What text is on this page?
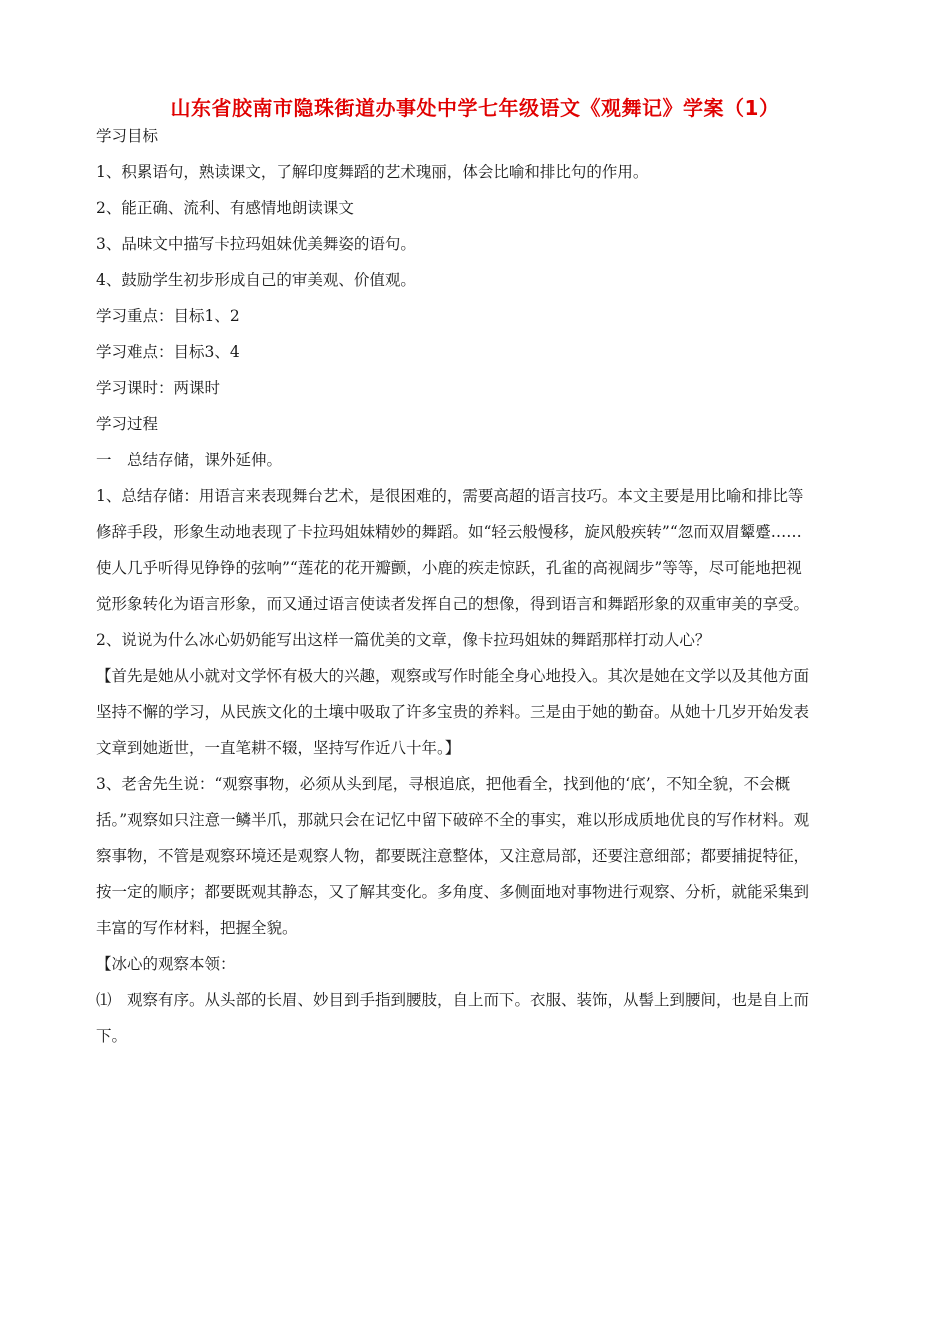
山东省胶南市隐珠街道办事处中学七年级语文《观舞记》学案（1）

学习目标

1、积累语句，熟读课文，了解印度舞蹈的艺术瑰丽，体会比喻和排比句的作用。

2、能正确、流利、有感情地朗读课文

3、品味文中描写卡拉玛姐妹优美舞姿的语句。

4、鼓励学生初步形成自己的审美观、价值观。

学习重点：目标1、2

学习难点：目标3、4

学习课时：两课时

学习过程

一　总结存储，课外延伸。

1、总结存储：用语言来表现舞台艺术，是很困难的，需要高超的语言技巧。本文主要是用比喻和排比等修辞手段，形象生动地表现了卡拉玛姐妹精妙的舞蹈。如“轻云般慢移，旋风般疾转”“忽而双眉颦蹙……使人几乎听得见铮铮的弦响”“莲花的花开瓣颤，小鹿的疾走惊跃，孔雀的高视阔步”等等，尽可能地把视觉形象转化为语言形象，而又通过语言使读者发挥自己的想像，得到语言和舞蹈形象的双重审美的享受。

2、说说为什么冰心奶奶能写出这样一篇优美的文章，像卡拉玛姐妹的舞蹈那样打动人心？

【首先是她从小就对文学怀有极大的兴趣，观察或写作时能全身心地投入。其次是她在文学以及其他方面坚持不懈的学习，从民族文化的土壤中吸取了许多宝贵的养料。三是由于她的勤奋。从她十几岁开始发表文章到她逝世，一直笔耕不辍，坚持写作近八十年。】

3、老舍先生说：“观察事物，必须从头到尾，寻根追底，把他看全，找到他的‘底’，不知全貌，不会概括。”观察如只注意一鳞半爪，那就只会在记忆中留下破碎不全的事实，难以形成质地优良的写作材料。观察事物，不管是观察环境还是观察人物，都要既注意整体，又注意局部，还要注意细部；都要捕捉特征，按一定的顺序；都要既观其静态，又了解其变化。多角度、多侧面地对事物进行观察、分析，就能采集到丰富的写作材料，把握全貌。

【冰心的观察本领：

⑴　观察有序。从头部的长眉、妙目到手指到腰肢，自上而下。衣服、装饰，从髻上到腰间，也是自上而下。
